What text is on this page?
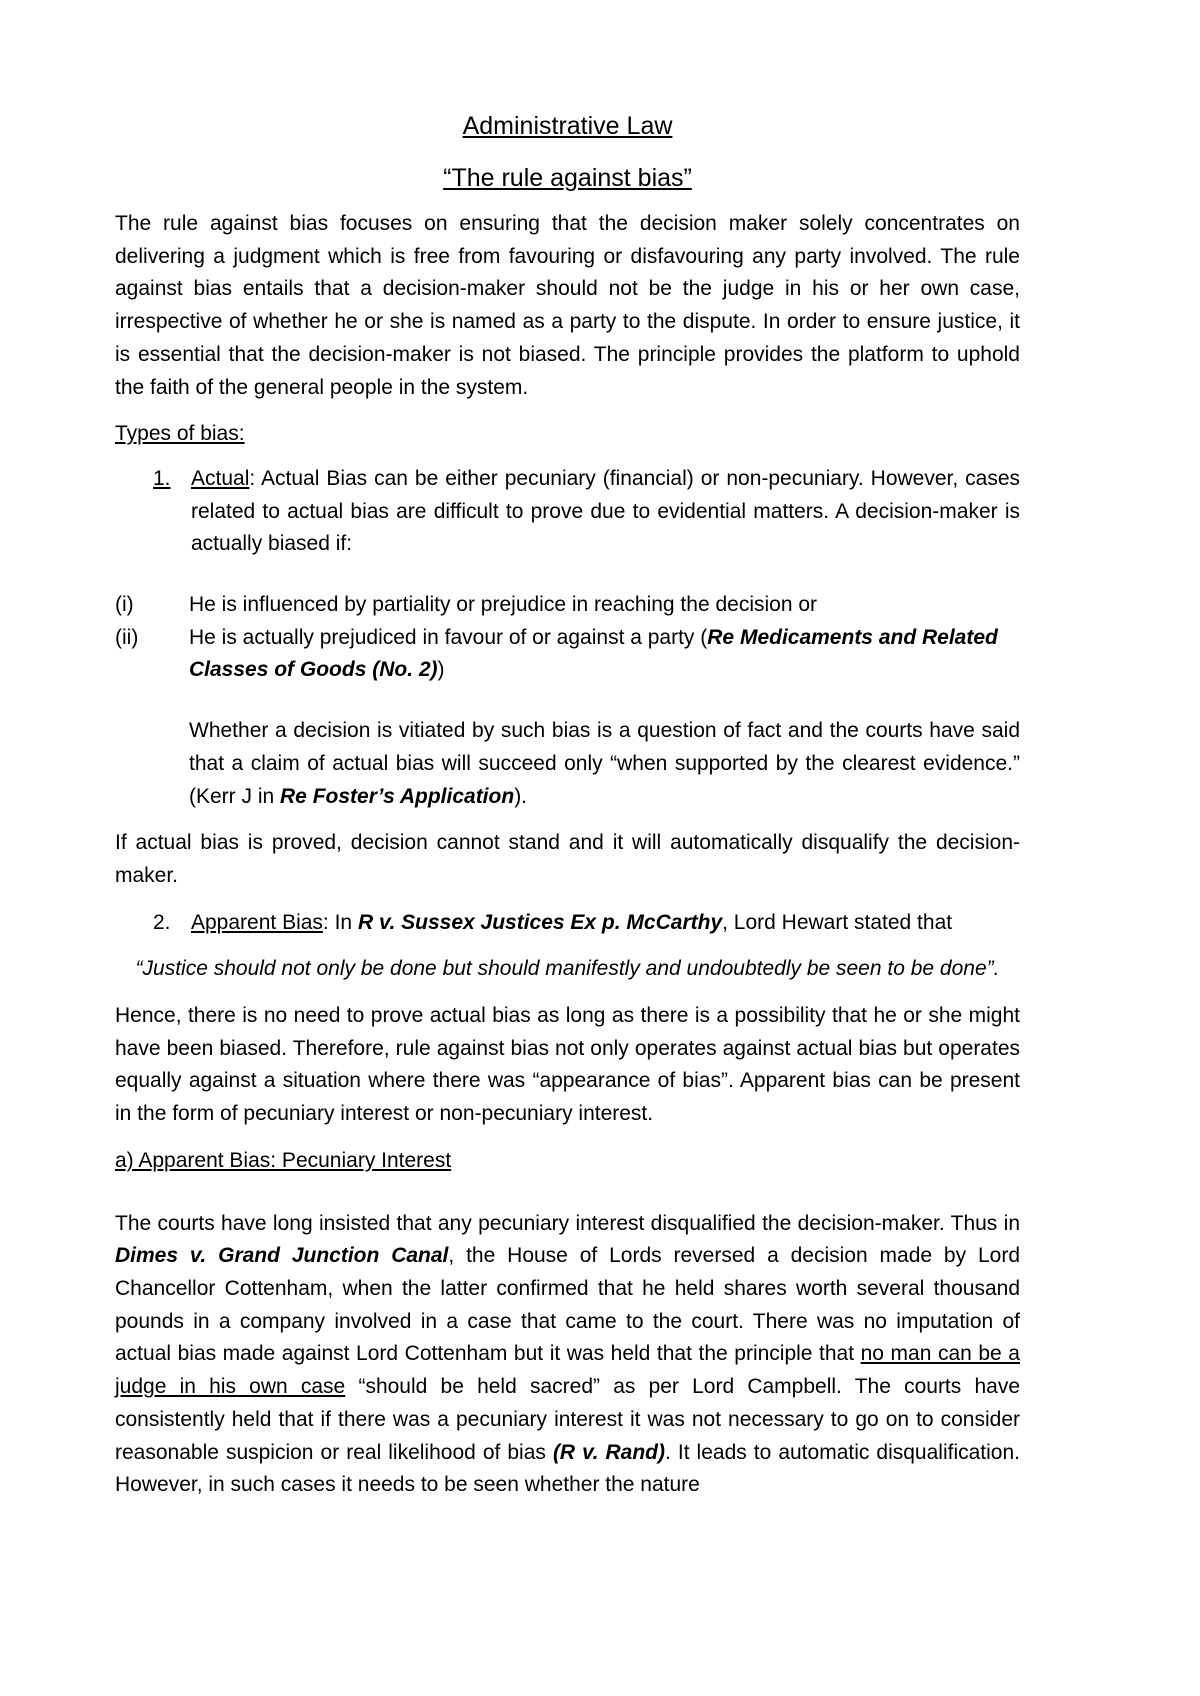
Administrative Law

“The rule against bias”

The rule against bias focuses on ensuring that the decision maker solely concentrates on delivering a judgment which is free from favouring or disfavouring any party involved. The rule against bias entails that a decision-maker should not be the judge in his or her own case, irrespective of whether he or she is named as a party to the dispute. In order to ensure justice, it is essential that the decision-maker is not biased. The principle provides the platform to uphold the faith of the general people in the system.

Types of bias:

1. Actual: Actual Bias can be either pecuniary (financial) or non-pecuniary. However, cases related to actual bias are difficult to prove due to evidential matters. A decision-maker is actually biased if:
(i)	He is influenced by partiality or prejudice in reaching the decision or
(ii) He is actually prejudiced in favour of or against a party (Re Medicaments and Related Classes of Goods (No. 2))
Whether a decision is vitiated by such bias is a question of fact and the courts have said that a claim of actual bias will succeed only “when supported by the clearest evidence.” (Kerr J in Re Foster’s Application).

If actual bias is proved, decision cannot stand and it will automatically disqualify the decision-maker.

2. Apparent Bias: In R v. Sussex Justices Ex p. McCarthy, Lord Hewart stated that

“Justice should not only be done but should manifestly and undoubtedly be seen to be done”.

Hence, there is no need to prove actual bias as long as there is a possibility that he or she might have been biased. Therefore, rule against bias not only operates against actual bias but operates equally against a situation where there was “appearance of bias”. Apparent bias can be present in the form of pecuniary interest or non-pecuniary interest.

a) Apparent Bias: Pecuniary Interest

The courts have long insisted that any pecuniary interest disqualified the decision-maker. Thus in Dimes v. Grand Junction Canal, the House of Lords reversed a decision made by Lord Chancellor Cottenham, when the latter confirmed that he held shares worth several thousand pounds in a company involved in a case that came to the court. There was no imputation of actual bias made against Lord Cottenham but it was held that the principle that no man can be a judge in his own case “should be held sacred” as per Lord Campbell. The courts have consistently held that if there was a pecuniary interest it was not necessary to go on to consider reasonable suspicion or real likelihood of bias (R v. Rand). It leads to automatic disqualification. However, in such cases it needs to be seen whether the nature
